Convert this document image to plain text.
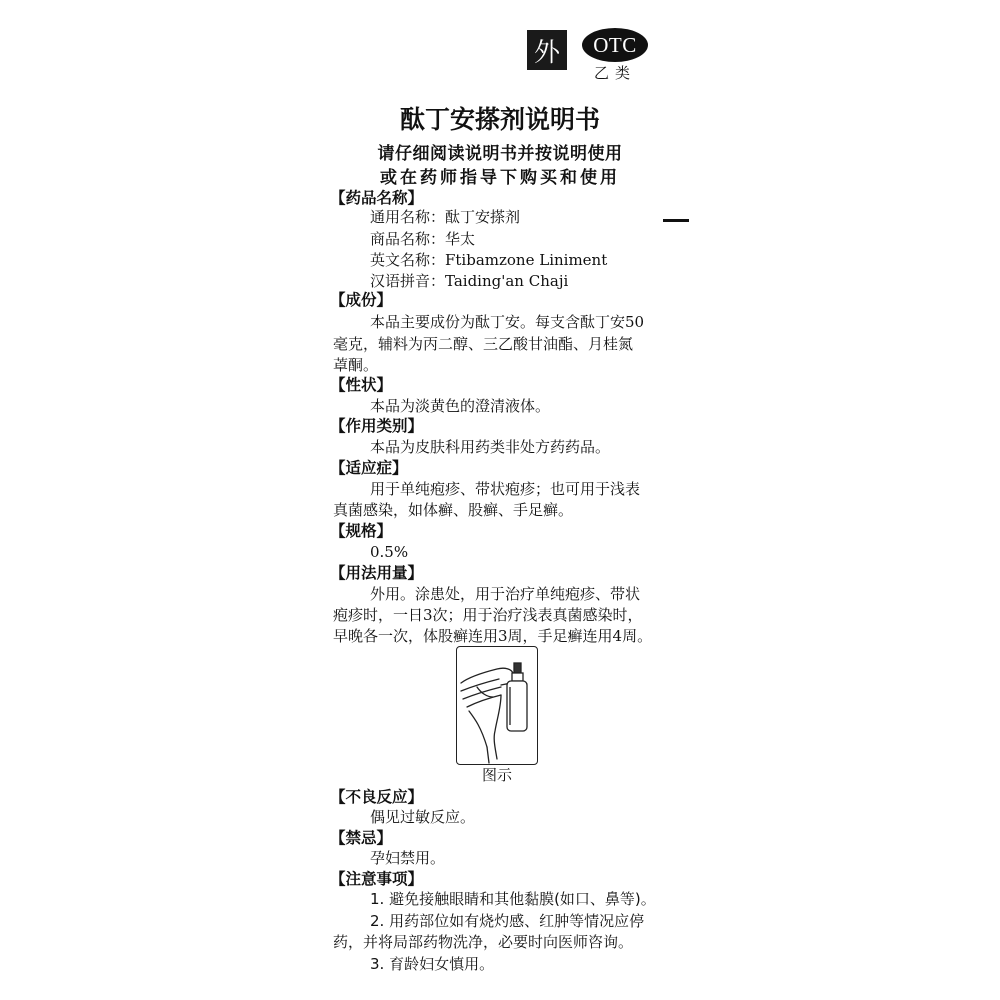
外	OTC
乙类
酞丁安搽剂说明书
请仔细阅读说明书并按说明使用
或在药师指导下购买和使用
【药品名称】
通用名称：酞丁安搽剂
商品名称：华太
英文名称：Ftibamzone Liniment
汉语拼音：Taiding'an Chaji
【成份】
本品主要成份为酞丁安。每支含酞丁安50
毫克，辅料为丙二醇、三乙酸甘油酯、月桂氮
䓬酮。
【性状】
本品为淡黄色的澄清液体。
【作用类别】
本品为皮肤科用药类非处方药药品。
【适应症】
用于单纯疱疹、带状疱疹；也可用于浅表
真菌感染，如体癣、股癣、手足癣。
【规格】
0.5%
【用法用量】
外用。涂患处，用于治疗单纯疱疹、带状
疱疹时，一日3次；用于治疗浅表真菌感染时，
早晚各一次，体股癣连用3周，手足癣连用4周。
图示
【不良反应】
偶见过敏反应。
【禁忌】
孕妇禁用。
【注意事项】
1. 避免接触眼睛和其他黏膜(如口、鼻等)。
2. 用药部位如有烧灼感、红肿等情况应停
药，并将局部药物洗净，必要时向医师咨询。
3. 育龄妇女慎用。
